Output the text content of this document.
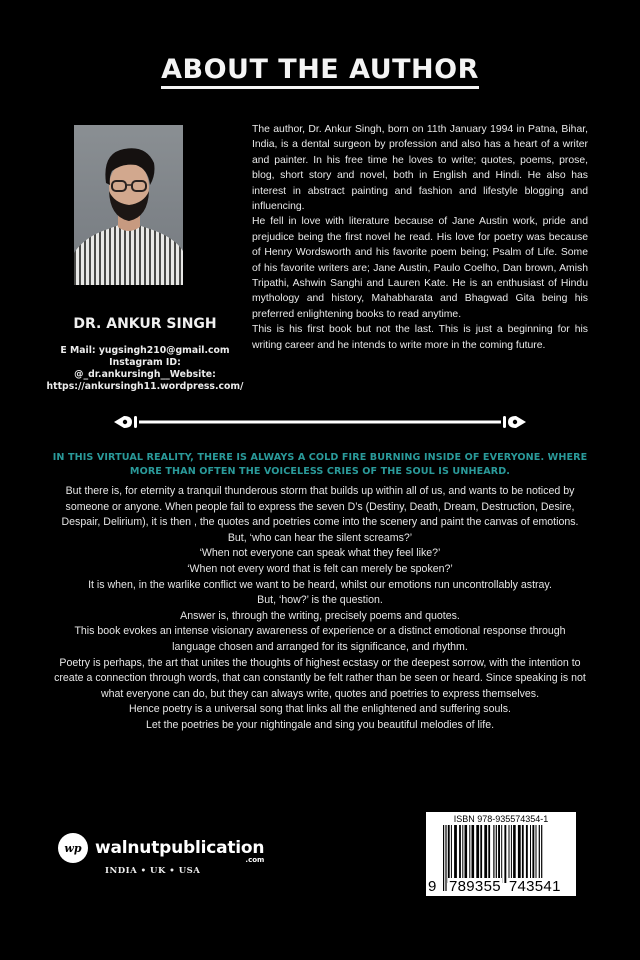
ABOUT THE AUTHOR
DR. ANKUR SINGH
E Mail: yugsingh210@gmail.com
Instagram ID: @_dr.ankursingh__Website:
https://ankursingh11.wordpress.com/

The author, Dr. Ankur Singh, born on 11th January 1994 in Patna, Bihar, India, is a dental surgeon by profession and also has a heart of a writer and painter. In his free time he loves to write; quotes, poems, prose, blog, short story and novel, both in English and Hindi. He also has interest in abstract painting and fashion and lifestyle blogging and influencing.

He fell in love with literature because of Jane Austin work, pride and prejudice being the first novel he read. His love for poetry was because of Henry Wordsworth and his favorite poem being; Psalm of Life. Some of his favorite writers are; Jane Austin, Paulo Coelho, Dan brown, Amish Tripathi, Ashwin Sanghi and Lauren Kate. He is an enthusiast of Hindu mythology and history, Mahabharata and Bhagwad Gita being his preferred enlightening books to read anytime.

This is his first book but not the last. This is just a beginning for his writing career and he intends to write more in the coming future.

IN THIS VIRTUAL REALITY, THERE IS ALWAYS A COLD FIRE BURNING INSIDE OF EVERYONE. WHERE MORE THAN OFTEN THE VOICELESS CRIES OF THE SOUL IS UNHEARD.

But there is, for eternity a tranquil thunderous storm that builds up within all of us, and wants to be noticed by someone or anyone. When people fail to express the seven D’s (Destiny, Death, Dream, Destruction, Desire, Despair, Delirium), it is then , the quotes and poetries come into the scenery and paint the canvas of emotions.

But, ‘who can hear the silent screams?’

‘When not everyone can speak what they feel like?’

‘When not every word that is felt can merely be spoken?’

It is when, in the warlike conflict we want to be heard, whilst our emotions run uncontrollably astray.

But, ‘how?’ is the question.

Answer is, through the writing, precisely poems and quotes.

This book evokes an intense visionary awareness of experience or a distinct emotional response through language chosen and arranged for its significance, and rhythm.

Poetry is perhaps, the art that unites the thoughts of highest ecstasy or the deepest sorrow, with the intention to create a connection through words, that can constantly be felt rather than be seen or heard. Since speaking is not what everyone can do, but they can always write, quotes and poetries to express themselves.

Hence poetry is a universal song that links all the enlightened and suffering souls.

Let the poetries be your nightingale and sing you beautiful melodies of life.

wp walnutpublication
.com
INDIA • UK • USA
ISBN 978-935574354-1
9 789355 743541
